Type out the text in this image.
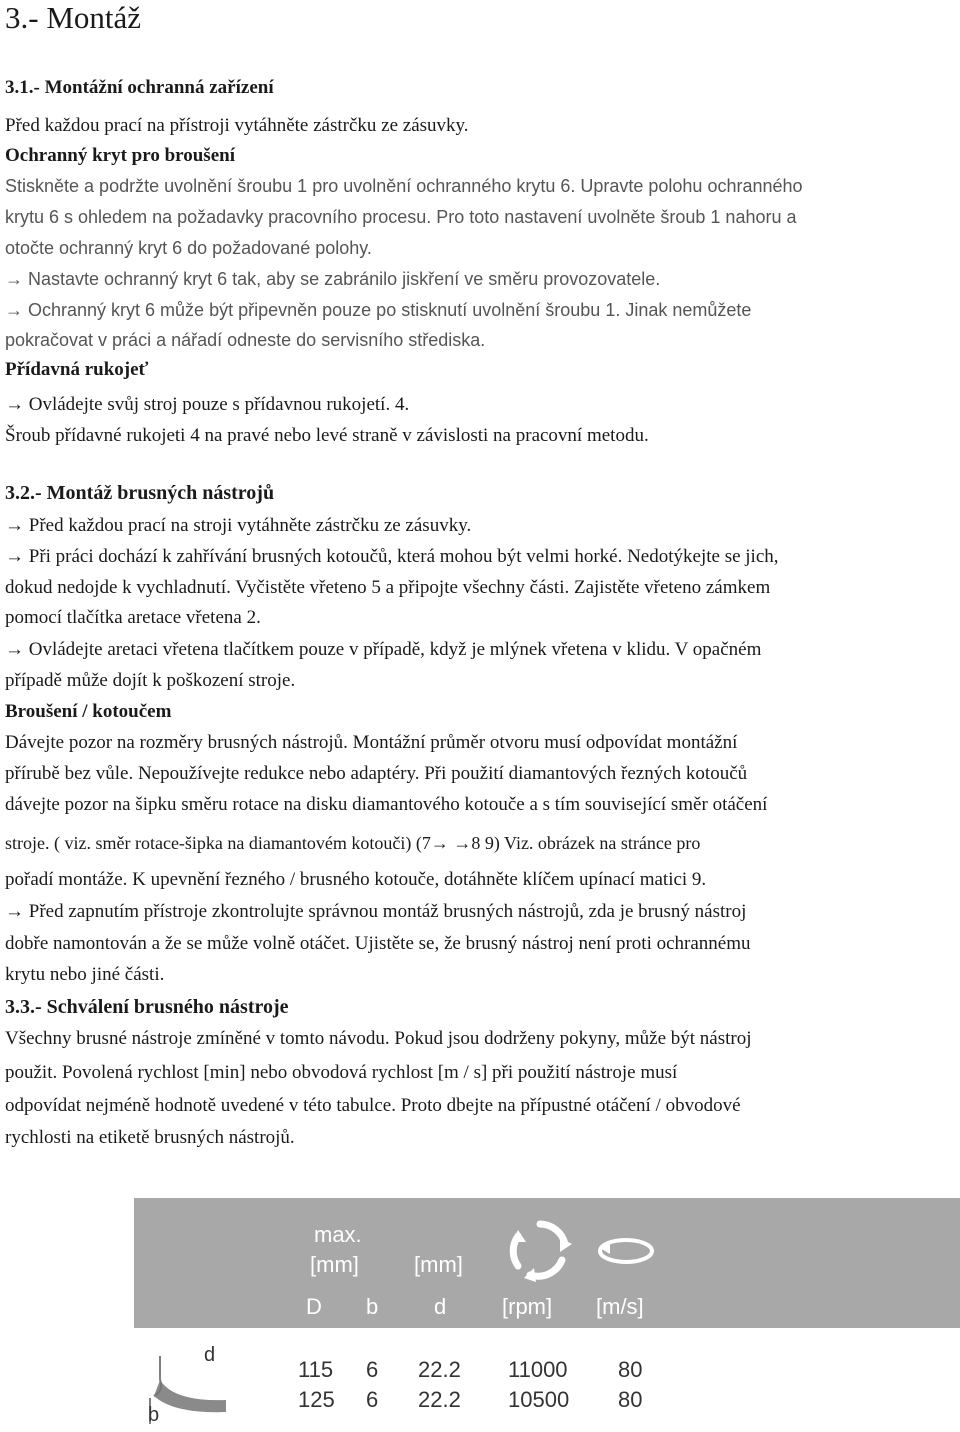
3.- Montáž
3.1.- Montážní ochranná zařízení
Před každou prací na přístroji vytáhněte zástrčku ze zásuvky.
Ochranný kryt pro broušení
Stiskněte a podržte uvolnění šroubu 1 pro uvolnění ochranného krytu 6. Upravte polohu ochranného
krytu 6 s ohledem na požadavky pracovního procesu. Pro toto nastavení uvolněte šroub 1 nahoru a
otočte ochranný kryt 6 do požadované polohy.
→ Nastavte ochranný kryt 6 tak, aby se zabránilo jiskření ve směru provozovatele.
→ Ochranný kryt 6 může být připevněn pouze po stisknutí uvolnění šroubu 1. Jinak nemůžete
pokračovat v práci a nářadí odneste do servisního střediska.
Přídavná rukojeť
→ Ovládejte svůj stroj pouze s přídavnou rukojetí. 4.
Šroub přídavné rukojeti 4 na pravé nebo levé straně v závislosti na pracovní metodu.
3.2.- Montáž brusných nástrojů
→ Před každou prací na stroji vytáhněte zástrčku ze zásuvky.
→ Při práci dochází k zahřívání brusných kotoučů, která mohou být velmi horké. Nedotýkejte se jich,
dokud nedojde k vychladnutí. Vyčistěte vřeteno 5 a připojte všechny části. Zajistěte vřeteno zámkem
pomocí tlačítka aretace vřetena 2.
→ Ovládejte aretaci vřetena tlačítkem pouze v případě, když je mlýnek vřetena v klidu. V opačném
případě může dojít k poškození stroje.
Broušení / kotoučem
Dávejte pozor na rozměry brusných nástrojů. Montážní průměr otvoru musí odpovídat montážní
přírubě bez vůle. Nepoužívejte redukce nebo adaptéry. Při použití diamantových řezných kotoučů
dávejte pozor na šipku směru rotace na disku diamantového kotouče a s tím související směr otáčení
stroje. ( viz. směr rotace-šipka na diamantovém kotouči) (7→ →8 9) Viz. obrázek na stránce pro
pořadí montáže. K upevnění řezného / brusného kotouče, dotáhněte klíčem upínací matici 9.
→ Před zapnutím přístroje zkontrolujte správnou montáž brusných nástrojů, zda je brusný nástroj
dobře namontován a že se může volně otáčet. Ujistěte se, že brusný nástroj není proti ochrannému
krytu nebo jiné části.
3.3.- Schválení brusného nástroje
Všechny brusné nástroje zmíněné v tomto návodu. Pokud jsou dodrženy pokyny, může být nástroj
použit. Povolená rychlost [min] nebo obvodová rychlost [m / s] při použití nástroje musí
odpovídat nejméně hodnotě uvedené v této tabulce. Proto dbejte na přípustné otáčení / obvodové
rychlosti na etiketě brusných nástrojů.
max.
[mm]	[mm]
D b	d	[rpm] [m/s]
d
b
115 6 22.2 11000 80
125 6 22.2 10500 80
